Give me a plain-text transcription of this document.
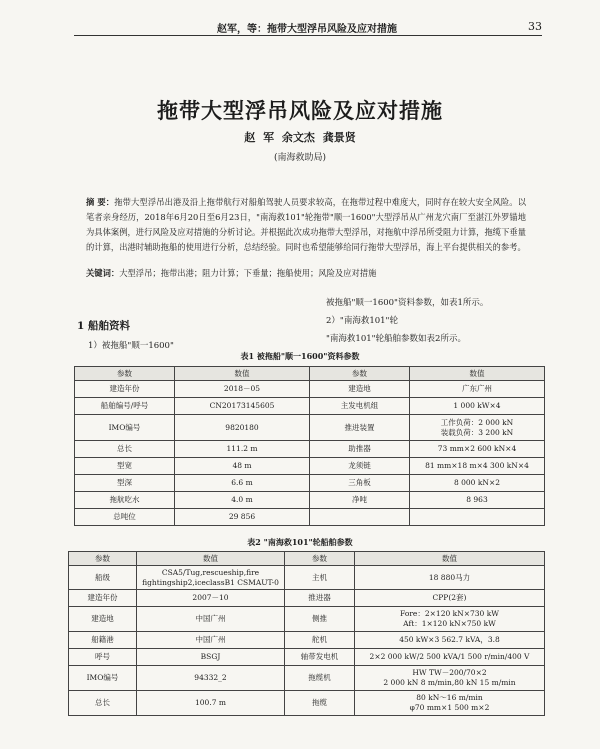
赵军，等：拖带大型浮吊风险及应对措施	33
拖带大型浮吊风险及应对措施
赵 军 余文杰 龚景贤
(南海救助局)
摘 要：拖带大型浮吊出港及沿上拖带航行对船舶驾驶人员要求较高，在拖带过程中难度大，同时存在较大安全风险。以笔者亲身经历，2018年6月20日至6月23日，"南海救101"轮拖带"顺一1600"大型浮吊从广州龙穴南厂至湛江外罗锚地为具体案例，进行风险及应对措施的分析讨论。并根据此次成功拖带大型浮吊，对拖航中浮吊所受阻力计算，拖缆下垂量的计算，出港时辅助拖船的使用进行分析，总结经验。同时也希望能够给同行拖带大型浮吊，海上平台提供相关的参考。
关键词：大型浮吊；拖带出港；阻力计算；下垂量；拖船使用；风险及应对措施
1 船舶资料
1）被拖船"顺一1600"
被拖船"顺一1600"资料参数，如表1所示。
2）"南海救101"轮
"南海救101"轮船舶参数如表2所示。
表1 被拖船"顺一1600"资料参数
参数	数值	参数	数值
建造年份	2018－05	建造地	广东广州
船舶编号/呼号	CN20173145605	主发电机组	1 000 kW×4
IMO编号	9820180	推进装置	工作负荷：2 000 kN
装载负荷：3 200 kN
总长	111.2 m	助推器	73 mm×2 600 kN×4
型宽	48 m	龙须链	81 mm×18 m×4 300 kN×4
型深	6.6 m	三角板	8 000 kN×2
拖航吃水	4.0 m	净吨	8 963
总吨位	29 856		
表2 "南海救101"轮船舶参数
参数	数值	参数	数值
船级	CSA5/Tug,rescueship,fire
fightingship2,iceclassB1 CSMAUT-0	主机	18 880马力
建造年份	2007－10	推进器	CPP(2套)
建造地	中国广州	侧推	Fore：2×120 kN×730 kW
Aft：1×120 kN×750 kW
船籍港	中国广州	舵机	450 kW×3 562.7 kVA，3.8
呼号	BSGJ	轴带发电机	2×2 000 kW/2 500 kVA/1 500 r/min/400 V
IMO编号	94332_2	拖缆机	HW TW－200/70×2
2 000 kN 8 m/min,80 kN 15 m/min
总长	100.7 m	拖缆	80 kN～16 m/min
φ70 mm×1 500 m×2
